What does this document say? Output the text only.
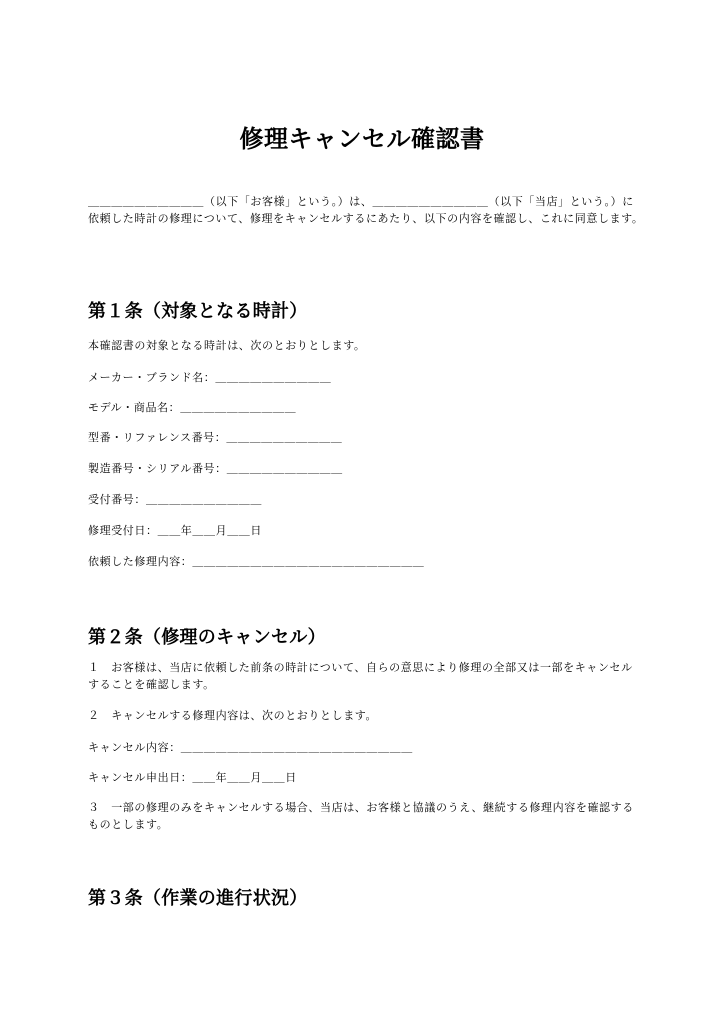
修理キャンセル確認書

＿＿＿＿＿＿＿＿＿＿（以下「お客様」という。）は、＿＿＿＿＿＿＿＿＿＿（以下「当店」という。）に依頼した時計の修理について、修理をキャンセルするにあたり、以下の内容を確認し、これに同意します。

第１条（対象となる時計）

本確認書の対象となる時計は、次のとおりとします。

メーカー・ブランド名：＿＿＿＿＿＿＿＿＿＿

モデル・商品名：＿＿＿＿＿＿＿＿＿＿

型番・リファレンス番号：＿＿＿＿＿＿＿＿＿＿

製造番号・シリアル番号：＿＿＿＿＿＿＿＿＿＿

受付番号：＿＿＿＿＿＿＿＿＿＿

修理受付日：＿＿年＿＿月＿＿日

依頼した修理内容：＿＿＿＿＿＿＿＿＿＿＿＿＿＿＿＿＿＿＿＿

第２条（修理のキャンセル）

１　お客様は、当店に依頼した前条の時計について、自らの意思により修理の全部又は一部をキャンセルすることを確認します。

２　キャンセルする修理内容は、次のとおりとします。

キャンセル内容：＿＿＿＿＿＿＿＿＿＿＿＿＿＿＿＿＿＿＿＿

キャンセル申出日：＿＿年＿＿月＿＿日

３　一部の修理のみをキャンセルする場合、当店は、お客様と協議のうえ、継続する修理内容を確認するものとします。

第３条（作業の進行状況）
